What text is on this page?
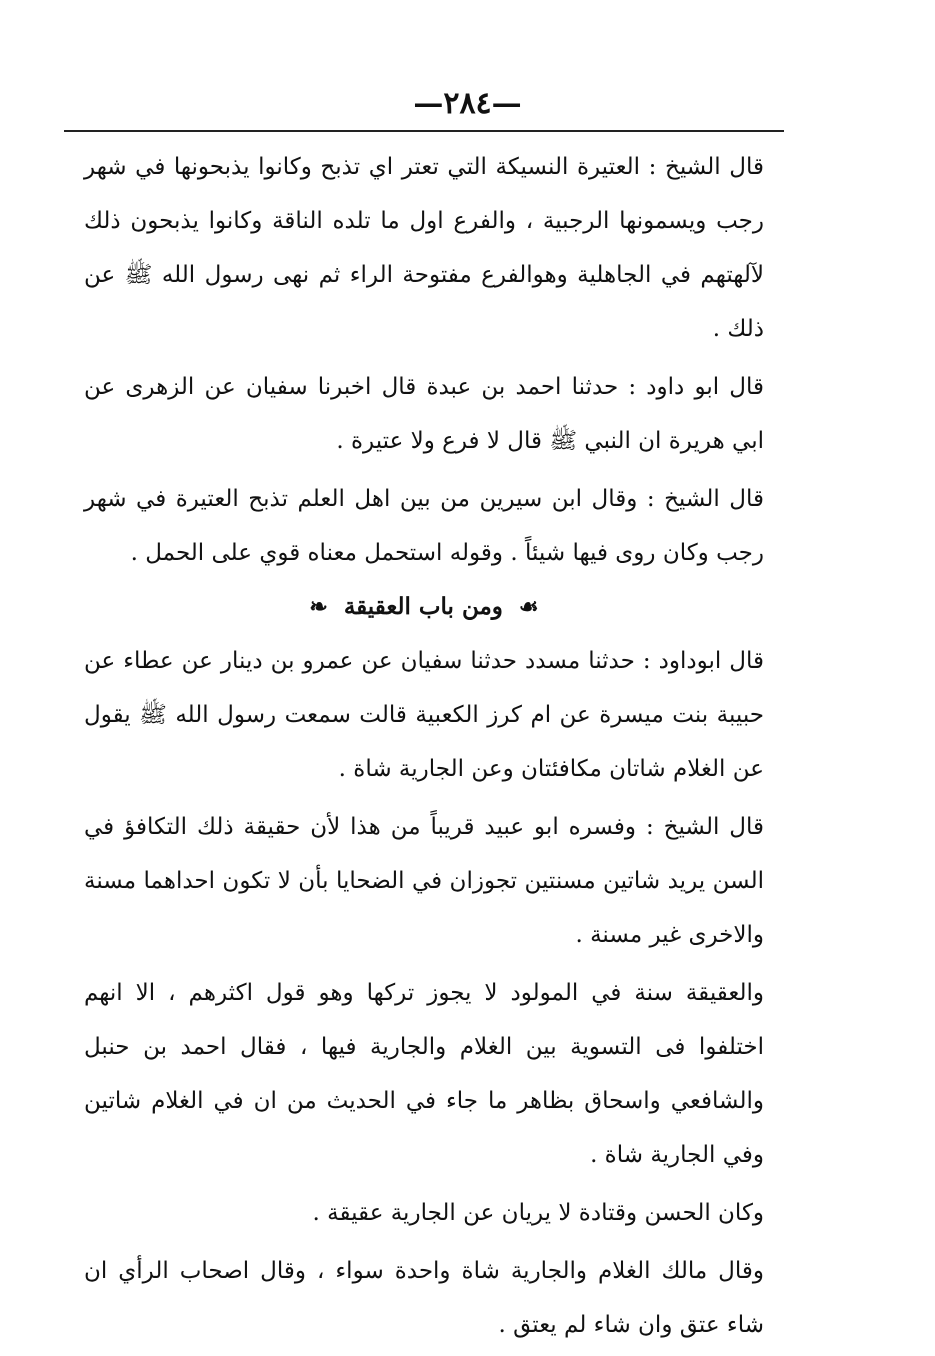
—٢٨٤—

قال الشيخ : العتيرة النسيكة التي تعتر اي تذبح وكانوا يذبحونها في شهر رجب ويسمونها الرجبية ، والفرع اول ما تلده الناقة وكانوا يذبحون ذلك لآلهتهم في الجاهلية وهوالفرع مفتوحة الراء ثم نهى رسول الله ﷺ عن ذلك .

قال ابو داود : حدثنا احمد بن عبدة قال اخبرنا سفيان عن الزهرى عن ابي هريرة ان النبي ﷺ قال لا فرع ولا عتيرة .

قال الشيخ : وقال ابن سيرين من بين اهل العلم تذبح العتيرة في شهر رجب وكان روى فيها شيئاً . وقوله استحمل معناه قوي على الحمل .

☙ ومن باب العقيقة ❧

قال ابوداود : حدثنا مسدد حدثنا سفيان عن عمرو بن دينار عن عطاء عن حبيبة بنت ميسرة عن ام كرز الكعبية قالت سمعت رسول الله ﷺ يقول عن الغلام شاتان مكافئتان وعن الجارية شاة .

قال الشيخ : وفسره ابو عبيد قريباً من هذا لأن حقيقة ذلك التكافؤ في السن يريد شاتين مسنتين تجوزان في الضحايا بأن لا تكون احداهما مسنة والاخرى غير مسنة .

والعقيقة سنة في المولود لا يجوز تركها وهو قول اكثرهم ، الا انهم اختلفوا فى التسوية بين الغلام والجارية فيها ، فقال احمد بن حنبل والشافعي واسحاق بظاهر ما جاء في الحديث من ان في الغلام شاتين وفي الجارية شاة .

وكان الحسن وقتادة لا يريان عن الجارية عقيقة .

وقال مالك الغلام والجارية شاة واحدة سواء ، وقال اصحاب الرأي ان شاء عتق وان شاء لم يعتق .
